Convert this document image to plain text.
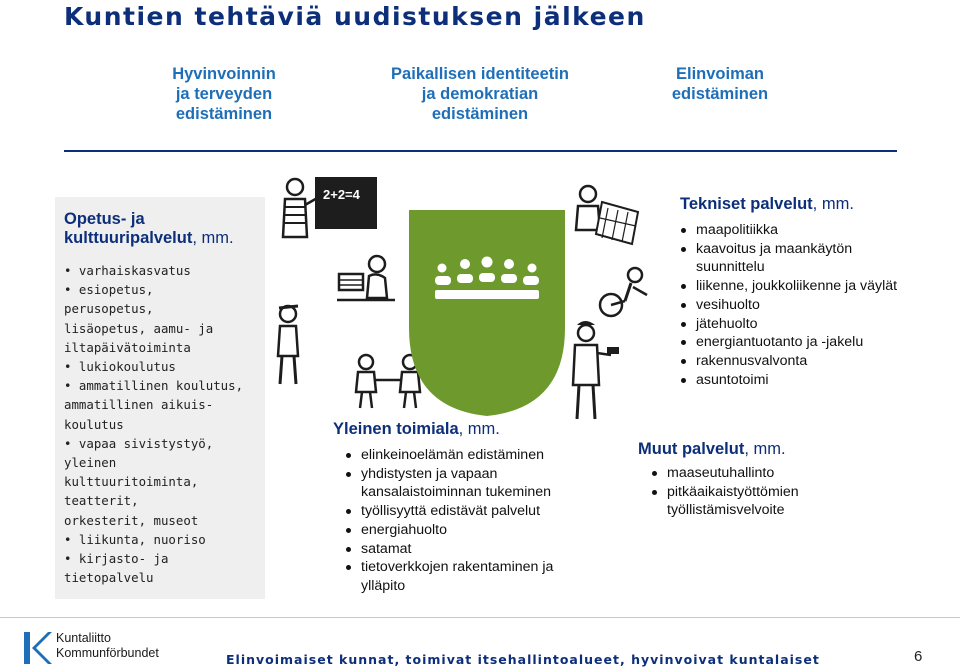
Kuntien tehtäviä uudistuksen jälkeen
Hyvinvoinnin
ja terveyden
edistäminen
Paikallisen identiteetin
ja demokratian
edistäminen
Elinvoiman
edistäminen
Opetus- ja
kulttuuripalvelut, mm.
• varhaiskasvatus
• esiopetus,
perusopetus,
lisäopetus, aamu- ja
iltapäivätoiminta
• lukiokoulutus
• ammatillinen koulutus,
ammatillinen aikuis-
koulutus
• vapaa sivistystyö,
yleinen
kulttuuritoiminta,
teatterit,
orkesterit, museot
• liikunta, nuoriso
• kirjasto- ja
tietopalvelu
2+2=4
Yleinen toimiala, mm.
elinkeinoelämän edistäminen
yhdistysten ja vapaan kansalaistoiminnan tukeminen
työllisyyttä edistävät palvelut
energiahuolto
satamat
tietoverkkojen rakentaminen ja ylläpito
Tekniset palvelut, mm.
maapolitiikka
kaavoitus ja maankäytön suunnittelu
liikenne, joukkoliikenne ja väylät
vesihuolto
jätehuolto
energiantuotanto ja -jakelu
rakennusvalvonta
asuntotoimi
Muut palvelut, mm.
maaseutuhallinto
pitkäaikaistyöttömien työllistämisvelvoite
Kuntaliitto
Kommunförbundet	Elinvoimaiset kunnat, toimivat itsehallintoalueet, hyvinvoivat kuntalaiset	6
